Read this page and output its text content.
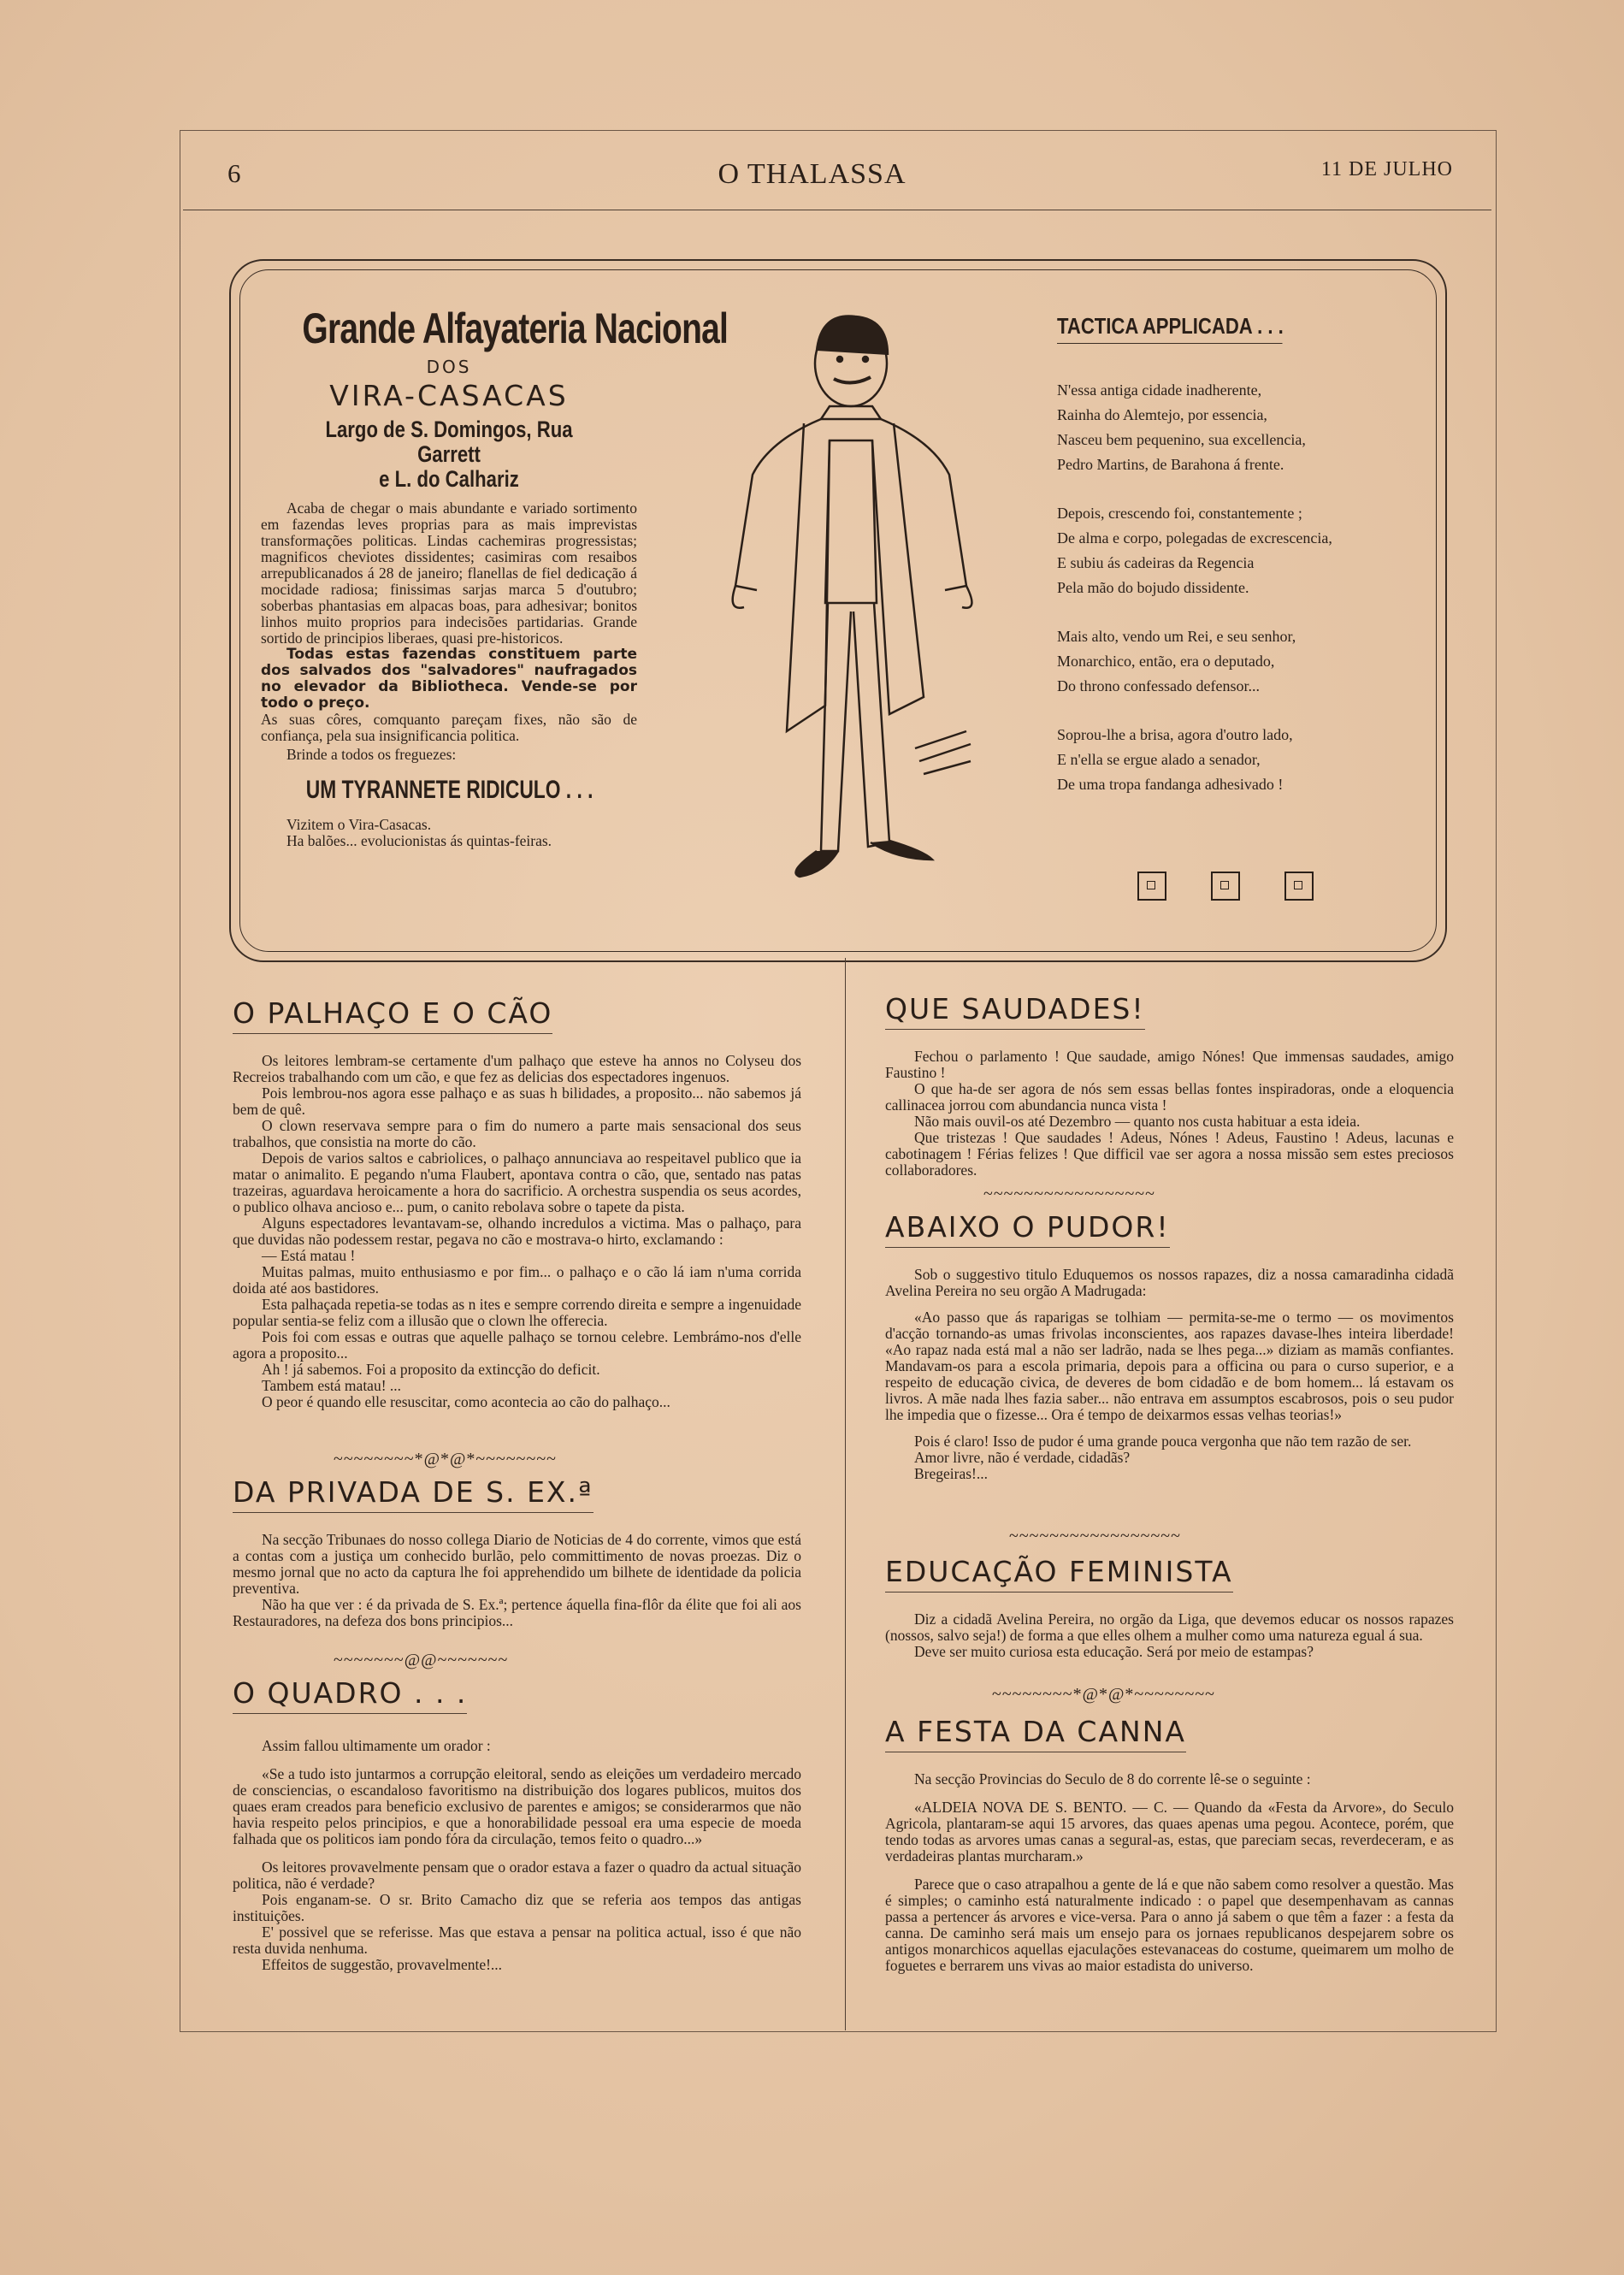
6	O THALASSA	11 DE JULHO
Grande Alfayateria Nacional
DOS
VIRA-CASACAS
Largo de S. Domingos, Rua Garrett
e L. do Calhariz
Acaba de chegar o mais abundante e variado sortimento em fazendas leves proprias para as mais imprevistas transformações politicas. Lindas cachemiras progressistas; magnificos cheviotes dissidentes; casimiras com resaibos arrepublicanados á 28 de janeiro; flanellas de fiel dedicação á mocidade radiosa; finissimas sarjas marca 5 d'outubro; soberbas phantasias em alpacas boas, para adhesivar; bonitos linhos muito proprios para indecisões partidarias. Grande sortido de principios liberaes, quasi pre-historicos.
Todas estas fazendas constituem parte dos salvados dos "salvadores" naufragados no elevador da Bibliotheca. Vende-se por todo o preço.
As suas côres, comquanto pareçam fixes, não são de confiança, pela sua insignificancia politica.
Brinde a todos os freguezes:
UM TYRANNETE RIDICULO . . .
Vizitem o Vira-Casacas.
Ha balões... evolucionistas ás quintas-feiras.
TACTICA APPLICADA . . .
N'essa antiga cidade inadherente,
Rainha do Alemtejo, por essencia,
Nasceu bem pequenino, sua excellencia,
Pedro Martins, de Barahona á frente.
Depois, crescendo foi, constantemente ;
De alma e corpo, polegadas de excrescencia,
E subiu ás cadeiras da Regencia
Pela mão do bojudo dissidente.
Mais alto, vendo um Rei, e seu senhor,
Monarchico, então, era o deputado,
Do throno confessado defensor...
Soprou-lhe a brisa, agora d'outro lado,
E n'ella se ergue alado a senador,
De uma tropa fandanga adhesivado !
O PALHAÇO E O CÃO

Os leitores lembram-se certamente d'um palhaço que esteve ha annos no Colyseu dos Recreios trabalhando com um cão, e que fez as delicias dos espectadores ingenuos.

Pois lembrou-nos agora esse palhaço e as suas h bilidades, a proposito... não sabemos já bem de quê.

O clown reservava sempre para o fim do numero a parte mais sensacional dos seus trabalhos, que consistia na morte do cão.

Depois de varios saltos e cabriolices, o palhaço annunciava ao respeitavel publico que ia matar o animalito. E pegando n'uma Flaubert, apontava contra o cão, que, sentado nas patas trazeiras, aguardava heroicamente a hora do sacrificio. A orchestra suspendia os seus acordes, o publico olhava ancioso e... pum, o canito rebolava sobre o tapete da pista.

Alguns espectadores levantavam-se, olhando incredulos a victima. Mas o palhaço, para que duvidas não podessem restar, pegava no cão e mostrava-o hirto, exclamando :

— Está matau !

Muitas palmas, muito enthusiasmo e por fim... o palhaço e o cão lá iam n'uma corrida doida até aos bastidores.

Esta palhaçada repetia-se todas as n ites e sempre correndo direita e sempre a ingenuidade popular sentia-se feliz com a illusão que o clown lhe offerecia.

Pois foi com essas e outras que aquelle palhaço se tornou celebre. Lembrámo-nos d'elle agora a proposito...

Ah ! já sabemos. Foi a proposito da extincção do deficit.

Tambem está matau! ...

O peor é quando elle resuscitar, como acontecia ao cão do palhaço...

~~~~~~~~*@*@*~~~~~~~~
DA PRIVADA DE S. EX.ª

Na secção Tribunaes do nosso collega Diario de Noticias de 4 do corrente, vimos que está a contas com a justiça um conhecido burlão, pelo committimento de novas proezas. Diz o mesmo jornal que no acto da captura lhe foi apprehendido um bilhete de identidade da policia preventiva.

Não ha que ver : é da privada de S. Ex.ª; pertence áquella fina-flôr da élite que foi ali aos Restauradores, na defeza dos bons principios...

~~~~~~~@@~~~~~~~
O QUADRO . . .

Assim fallou ultimamente um orador :

«Se a tudo isto juntarmos a corrupção eleitoral, sendo as eleições um verdadeiro mercado de consciencias, o escandaloso favoritismo na distribuição dos logares publicos, muitos dos quaes eram creados para beneficio exclusivo de parentes e amigos; se considerarmos que não havia respeito pelos principios, e que a honorabilidade pessoal era uma especie de moeda falhada que os politicos iam pondo fóra da circulação, temos feito o quadro...»

Os leitores provavelmente pensam que o orador estava a fazer o quadro da actual situação politica, não é verdade?

Pois enganam-se. O sr. Brito Camacho diz que se referia aos tempos das antigas instituições.

E' possivel que se referisse. Mas que estava a pensar na politica actual, isso é que não resta duvida nenhuma.

Effeitos de suggestão, provavelmente!...

QUE SAUDADES!

Fechou o parlamento ! Que saudade, amigo Nónes! Que immensas saudades, amigo Faustino !

O que ha-de ser agora de nós sem essas bellas fontes inspiradoras, onde a eloquencia callinacea jorrou com abundancia nunca vista !

Não mais ouvil-os até Dezembro — quanto nos custa habituar a esta ideia.

Que tristezas ! Que saudades ! Adeus, Nónes ! Adeus, Faustino ! Adeus, lacunas e cabotinagem ! Férias felizes ! Que difficil vae ser agora a nossa missão sem estes preciosos collaboradores.

~~~~~~~~~~~~~~~~~
ABAIXO O PUDOR!

Sob o suggestivo titulo Eduquemos os nossos rapazes, diz a nossa camaradinha cidadã Avelina Pereira no seu orgão A Madrugada:

«Ao passo que ás raparigas se tolhiam — permita-se-me o termo — os movimentos d'acção tornando-as umas frivolas inconscientes, aos rapazes davase-lhes inteira liberdade! «Ao rapaz nada está mal a não ser ladrão, nada se lhes pega...» diziam as mamãs confiantes. Mandavam-os para a escola primaria, depois para a officina ou para o curso superior, e a respeito de educação civica, de deveres de bom cidadão e de bom homem... lá estavam os livros. A mãe nada lhes fazia saber... não entrava em assumptos escabrosos, pois o seu pudor lhe impedia que o fizesse... Ora é tempo de deixarmos essas velhas teorias!»

Pois é claro! Isso de pudor é uma grande pouca vergonha que não tem razão de ser.

Amor livre, não é verdade, cidadãs?

Bregeiras!...

~~~~~~~~~~~~~~~~~
EDUCAÇÃO FEMINISTA

Diz a cidadã Avelina Pereira, no orgão da Liga, que devemos educar os nossos rapazes (nossos, salvo seja!) de forma a que elles olhem a mulher como uma natureza egual á sua.

Deve ser muito curiosa esta educação. Será por meio de estampas?

~~~~~~~~*@*@*~~~~~~~~
A FESTA DA CANNA

Na secção Provincias do Seculo de 8 do corrente lê-se o seguinte :

«ALDEIA NOVA DE S. BENTO. — C. — Quando da «Festa da Arvore», do Seculo Agricola, plantaram-se aqui 15 arvores, das quaes apenas uma pegou. Acontece, porém, que tendo todas as arvores umas canas a segural-as, estas, que pareciam secas, reverdeceram, e as verdadeiras plantas murcharam.»

Parece que o caso atrapalhou a gente de lá e que não sabem como resolver a questão. Mas é simples; o caminho está naturalmente indicado : o papel que desempenhavam as cannas passa a pertencer ás arvores e vice-versa. Para o anno já sabem o que têm a fazer : a festa da canna. De caminho será mais um ensejo para os jornaes republicanos despejarem sobre os antigos monarchicos aquellas ejaculações estevanaceas do costume, queimarem um molho de foguetes e berrarem uns vivas ao maior estadista do universo.
